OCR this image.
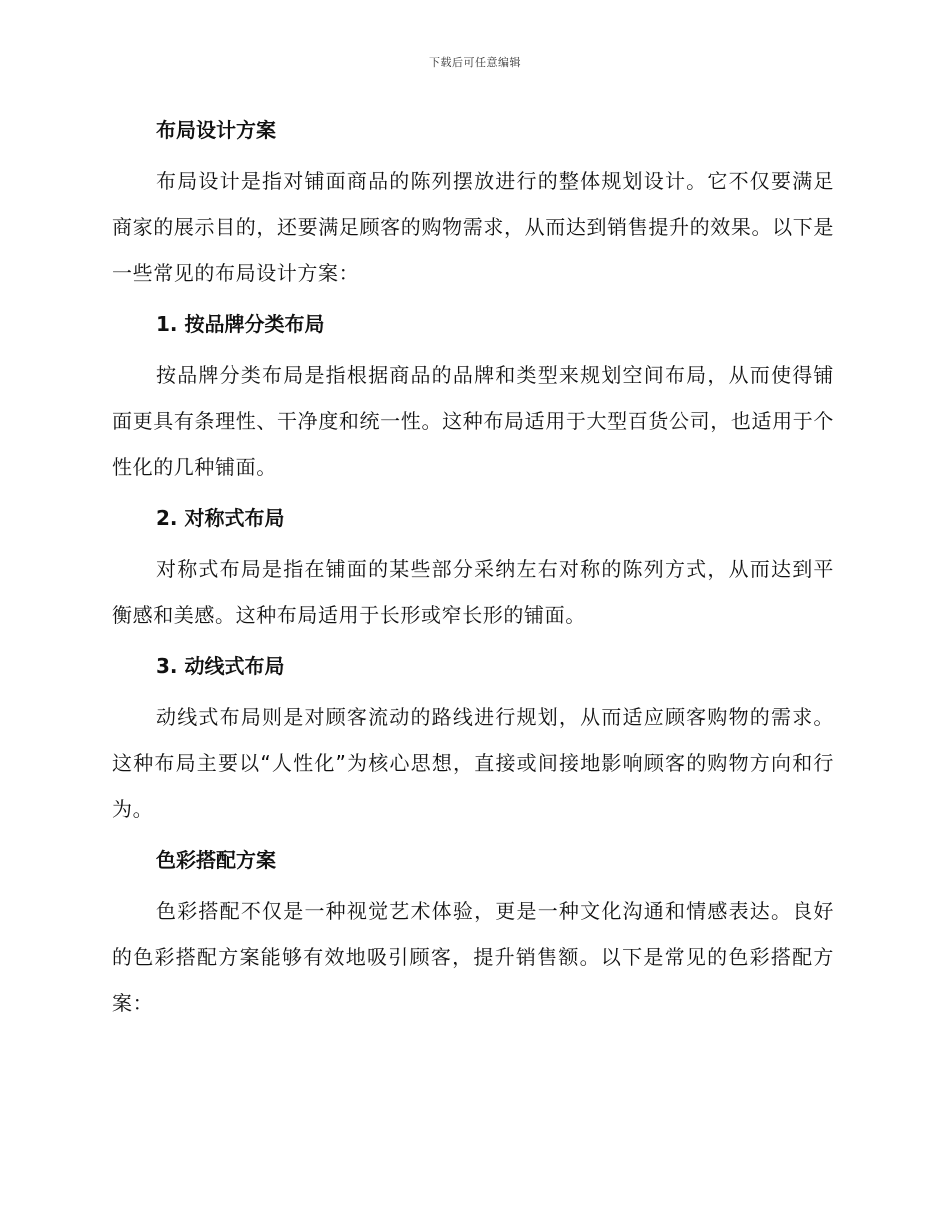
下载后可任意编辑
布局设计方案

布局设计是指对铺面商品的陈列摆放进行的整体规划设计。它不仅要满足商家的展示目的，还要满足顾客的购物需求，从而达到销售提升的效果。以下是一些常见的布局设计方案：

1. 按品牌分类布局

按品牌分类布局是指根据商品的品牌和类型来规划空间布局，从而使得铺面更具有条理性、干净度和统一性。这种布局适用于大型百货公司，也适用于个性化的几种铺面。

2. 对称式布局

对称式布局是指在铺面的某些部分采纳左右对称的陈列方式，从而达到平衡感和美感。这种布局适用于长形或窄长形的铺面。

3. 动线式布局

动线式布局则是对顾客流动的路线进行规划，从而适应顾客购物的需求。这种布局主要以“人性化”为核心思想，直接或间接地影响顾客的购物方向和行为。

色彩搭配方案

色彩搭配不仅是一种视觉艺术体验，更是一种文化沟通和情感表达。良好的色彩搭配方案能够有效地吸引顾客，提升销售额。以下是常见的色彩搭配方案：
